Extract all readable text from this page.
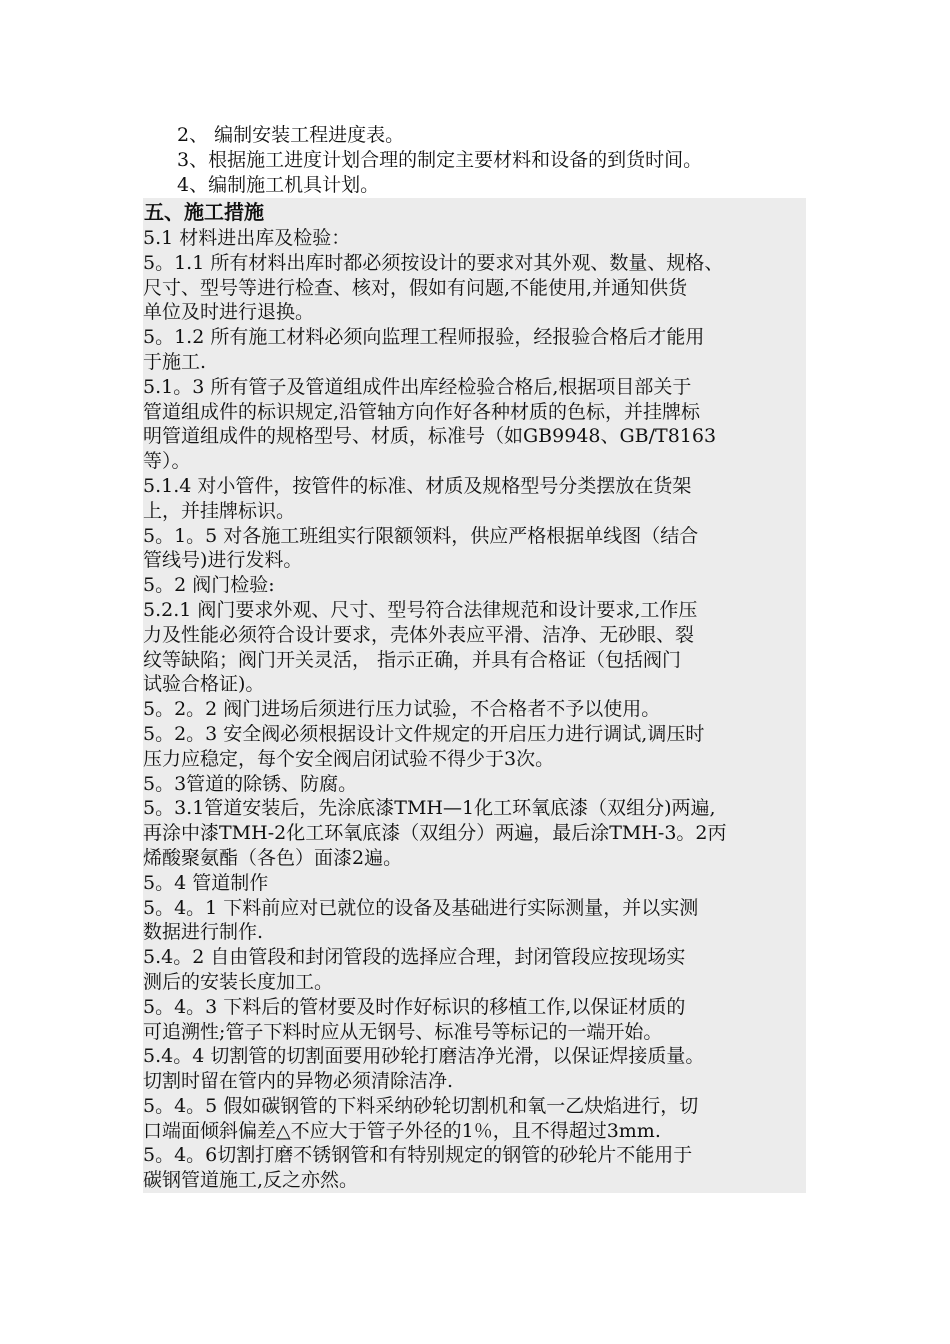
2、 编制安装工程进度表。
3、根据施工进度计划合理的制定主要材料和设备的到货时间。
4、编制施工机具计划。
五、施工措施
5.1 材料进出库及检验：
5。1.1 所有材料出库时都必须按设计的要求对其外观、数量、规格、
尺寸、型号等进行检查、核对，假如有问题,不能使用,并通知供货
单位及时进行退换。
5。1.2 所有施工材料必须向监理工程师报验，经报验合格后才能用
于施工.
5.1。3 所有管子及管道组成件出库经检验合格后,根据项目部关于
管道组成件的标识规定,沿管轴方向作好各种材质的色标，并挂牌标
明管道组成件的规格型号、材质，标准号（如GB9948、GB/T8163
等）。
5.1.4 对小管件，按管件的标准、材质及规格型号分类摆放在货架
上，并挂牌标识。
5。1。5 对各施工班组实行限额领料，供应严格根据单线图（结合
管线号)进行发料。
5。2 阀门检验:
5.2.1 阀门要求外观、尺寸、型号符合法律规范和设计要求,工作压
力及性能必须符合设计要求，壳体外表应平滑、洁净、无砂眼、裂
纹等缺陷；阀门开关灵活， 指示正确，并具有合格证（包括阀门
试验合格证)。
5。2。2 阀门进场后须进行压力试验，不合格者不予以使用。
5。2。3 安全阀必须根据设计文件规定的开启压力进行调试,调压时
压力应稳定，每个安全阀启闭试验不得少于3次。
5。3管道的除锈、防腐。
5。3.1管道安装后，先涂底漆TMH—1化工环氧底漆（双组分)两遍,
再涂中漆TMH-2化工环氧底漆（双组分）两遍，最后涂TMH-3。2丙
烯酸聚氨酯（各色）面漆2遍。
5。4 管道制作
5。4。1 下料前应对已就位的设备及基础进行实际测量，并以实测
数据进行制作.
5.4。2 自由管段和封闭管段的选择应合理，封闭管段应按现场实
测后的安装长度加工。
5。4。3 下料后的管材要及时作好标识的移植工作,以保证材质的
可追溯性;管子下料时应从无钢号、标准号等标记的一端开始。
5.4。4 切割管的切割面要用砂轮打磨洁净光滑，以保证焊接质量。
切割时留在管内的异物必须清除洁净.
5。4。5 假如碳钢管的下料采纳砂轮切割机和氧一乙炔焰进行，切
口端面倾斜偏差△不应大于管子外径的1％，且不得超过3mm.
5。4。6切割打磨不锈钢管和有特别规定的钢管的砂轮片不能用于
碳钢管道施工,反之亦然。
